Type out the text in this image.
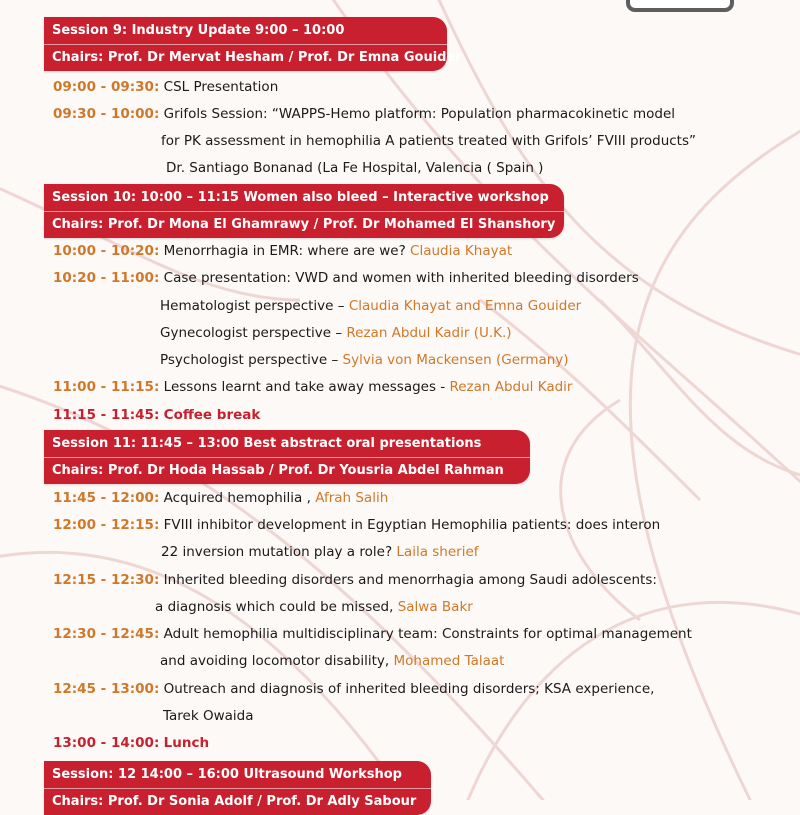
Session 9: Industry Update 9:00 – 10:00
Chairs: Prof. Dr Mervat Hesham / Prof. Dr Emna Gouider
09:00 - 09:30: CSL Presentation
09:30 - 10:00: Grifols Session: “WAPPS-Hemo platform: Population pharmacokinetic model
for PK assessment in hemophilia A patients treated with Grifols’ FVIII products”
Dr. Santiago Bonanad (La Fe Hospital, Valencia ( Spain )
Session 10: 10:00 – 11:15 Women also bleed – Interactive workshop
Chairs: Prof. Dr Mona El Ghamrawy / Prof. Dr Mohamed El Shanshory
10:00 - 10:20: Menorrhagia in EMR: where are we? Claudia Khayat
10:20 - 11:00: Case presentation: VWD and women with inherited bleeding disorders
Hematologist perspective – Claudia Khayat and Emna Gouider
Gynecologist perspective – Rezan Abdul Kadir (U.K.)
Psychologist perspective – Sylvia von Mackensen (Germany)
11:00 - 11:15: Lessons learnt and take away messages - Rezan Abdul Kadir
11:15 - 11:45: Coffee break
Session 11: 11:45 – 13:00 Best abstract oral presentations
Chairs: Prof. Dr Hoda Hassab / Prof. Dr Yousria Abdel Rahman
11:45 - 12:00: Acquired hemophilia , Afrah Salih
12:00 - 12:15: FVIII inhibitor development in Egyptian Hemophilia patients: does interon
22 inversion mutation play a role? Laila sherief
12:15 - 12:30: Inherited bleeding disorders and menorrhagia among Saudi adolescents:
a diagnosis which could be missed, Salwa Bakr
12:30 - 12:45: Adult hemophilia multidisciplinary team: Constraints for optimal management
and avoiding locomotor disability, Mohamed Talaat
12:45 - 13:00: Outreach and diagnosis of inherited bleeding disorders; KSA experience,
Tarek Owaida
13:00 - 14:00: Lunch
Session: 12 14:00 – 16:00 Ultrasound Workshop
Chairs: Prof. Dr Sonia Adolf / Prof. Dr Adly Sabour
